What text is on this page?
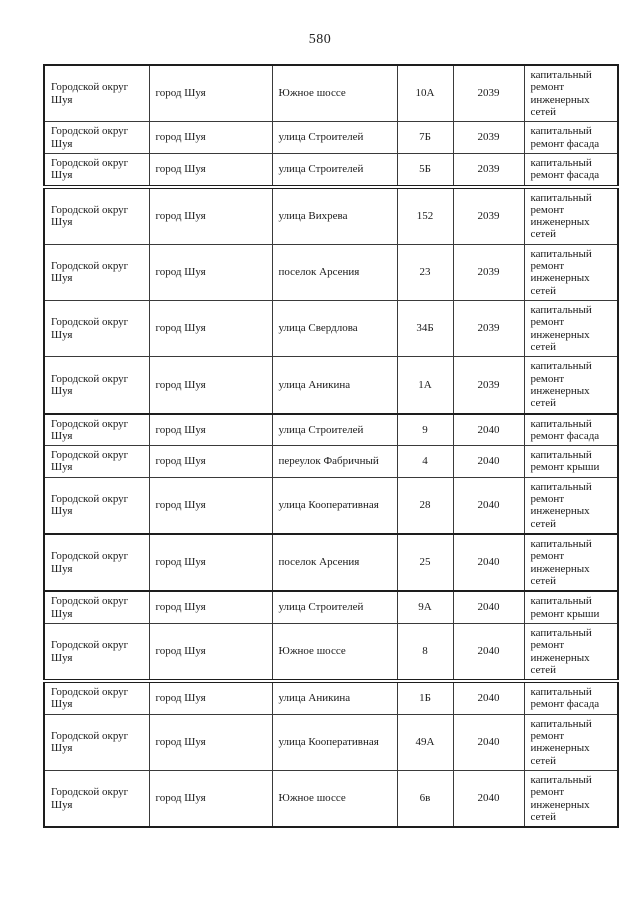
580
Городской округ Шуя	город Шуя	Южное шоссе	10А	2039	капитальный ремонт инженерных сетей
Городской округ Шуя	город Шуя	улица Строителей	7Б	2039	капитальный ремонт фасада
Городской округ Шуя	город Шуя	улица Строителей	5Б	2039	капитальный ремонт фасада
Городской округ Шуя	город Шуя	улица Вихрева	152	2039	капитальный ремонт инженерных сетей
Городской округ Шуя	город Шуя	поселок Арсения	23	2039	капитальный ремонт инженерных сетей
Городской округ Шуя	город Шуя	улица Свердлова	34Б	2039	капитальный ремонт инженерных сетей
Городской округ Шуя	город Шуя	улица Аникина	1А	2039	капитальный ремонт инженерных сетей
Городской округ Шуя	город Шуя	улица Строителей	9	2040	капитальный ремонт фасада
Городской округ Шуя	город Шуя	переулок Фабричный	4	2040	капитальный ремонт крыши
Городской округ Шуя	город Шуя	улица Кооперативная	28	2040	капитальный ремонт инженерных сетей
Городской округ Шуя	город Шуя	поселок Арсения	25	2040	капитальный ремонт инженерных сетей
Городской округ Шуя	город Шуя	улица Строителей	9А	2040	капитальный ремонт крыши
Городской округ Шуя	город Шуя	Южное шоссе	8	2040	капитальный ремонт инженерных сетей
Городской округ Шуя	город Шуя	улица Аникина	1Б	2040	капитальный ремонт фасада
Городской округ Шуя	город Шуя	улица Кооперативная	49А	2040	капитальный ремонт инженерных сетей
Городской округ Шуя	город Шуя	Южное шоссе	6в	2040	капитальный ремонт инженерных сетей
